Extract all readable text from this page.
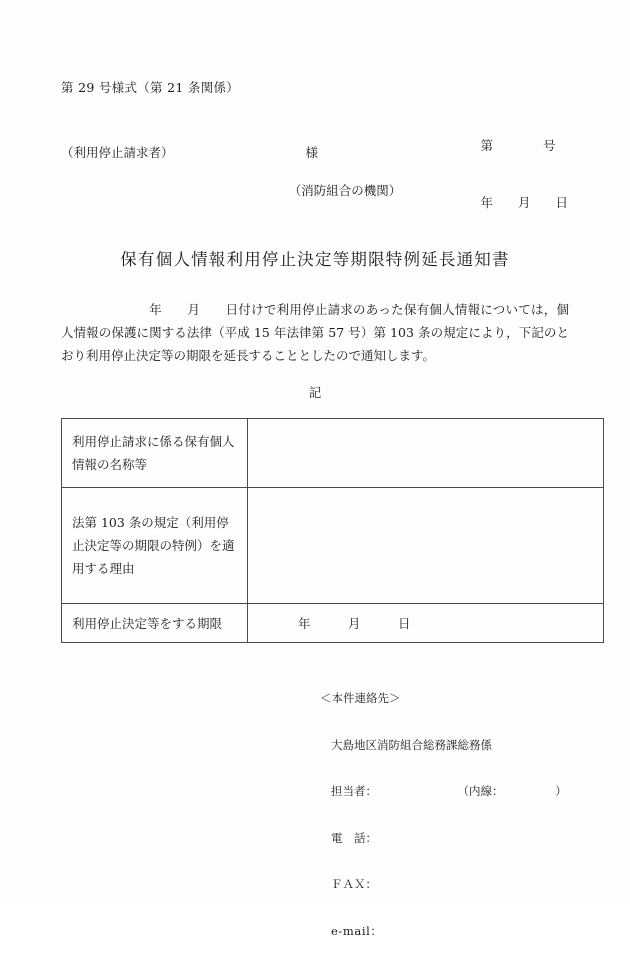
第 29 号様式（第 21 条関係）

第　　　　号

年　　月　　日

（利用停止請求者）	様
（消防組合の機関）
保有個人情報利用停止決定等期限特例延長通知書
年　　月　　日付けで利用停止請求のあった保有個人情報については，個人情報の保護に関する法律（平成 15 年法律第 57 号）第 103 条の規定により，下記のとおり利用停止決定等の期限を延長することとしたので通知します。
記
利用停止請求に係る保有個人情報の名称等	
法第 103 条の規定（利用停止決定等の期限の特例）を適用する理由	
利用停止決定等をする期限	年　　　月　　　日

＜本件連絡先＞

大島地区消防組合総務課総務係

担当者：　　　　　　　　（内線：　　　　　）

電　話：

ＦＡＸ：

e-mail：
